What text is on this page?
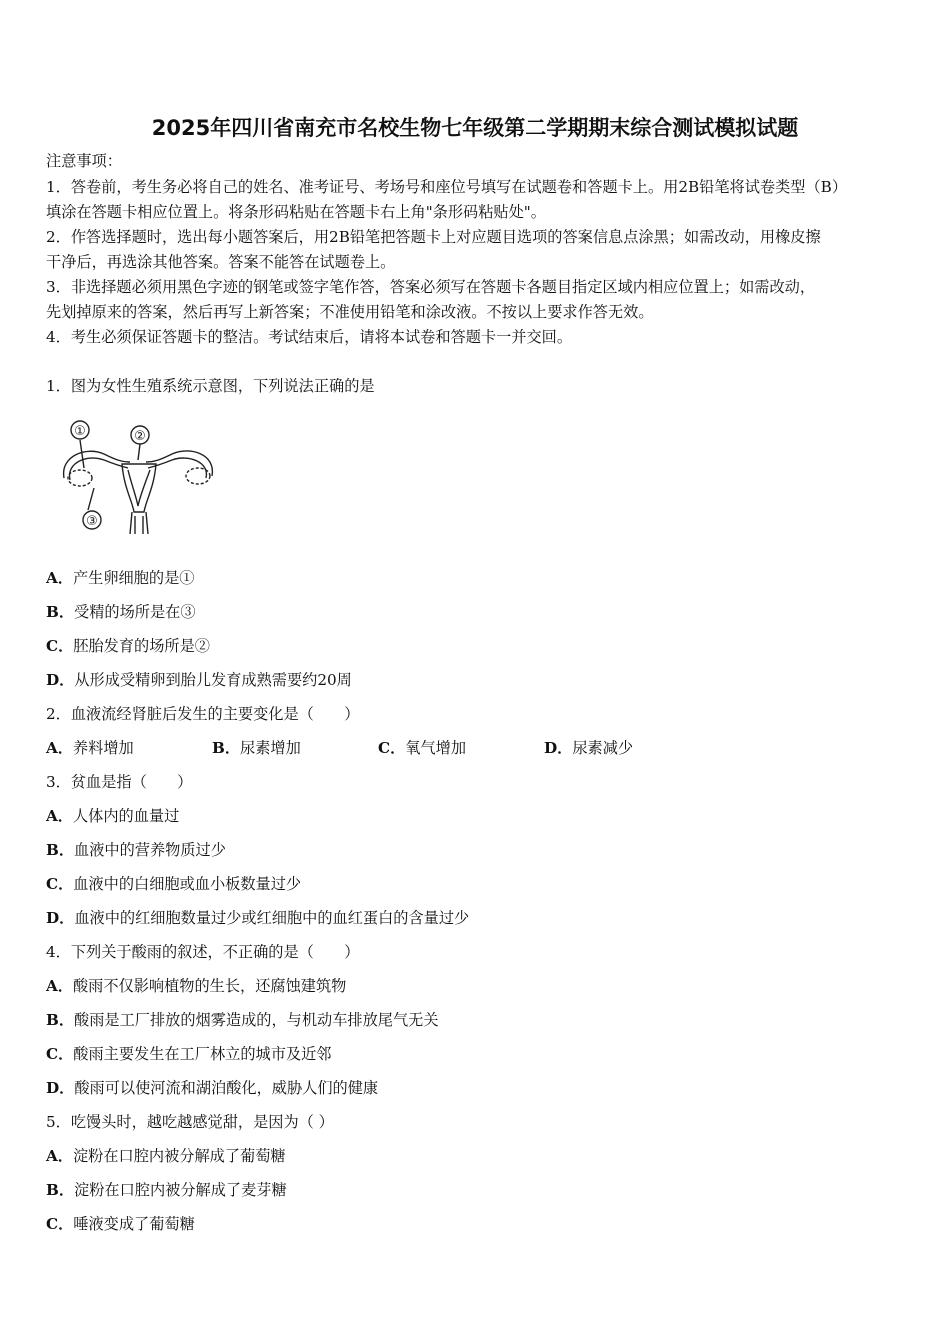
2025年四川省南充市名校生物七年级第二学期期末综合测试模拟试题
注意事项：
1．答卷前，考生务必将自己的姓名、准考证号、考场号和座位号填写在试题卷和答题卡上。用2B铅笔将试卷类型（B）
填涂在答题卡相应位置上。将条形码粘贴在答题卡右上角"条形码粘贴处"。
2．作答选择题时，选出每小题答案后，用2B铅笔把答题卡上对应题目选项的答案信息点涂黑；如需改动，用橡皮擦
干净后，再选涂其他答案。答案不能答在试题卷上。
3．非选择题必须用黑色字迹的钢笔或签字笔作答，答案必须写在答题卡各题目指定区域内相应位置上；如需改动，
先划掉原来的答案，然后再写上新答案；不准使用铅笔和涂改液。不按以上要求作答无效。
4．考生必须保证答题卡的整洁。考试结束后，请将本试卷和答题卡一并交回。
1．图为女性生殖系统示意图，下列说法正确的是
①	②
③
A．产生卵细胞的是①
B．受精的场所是在③
C．胚胎发育的场所是②
D．从形成受精卵到胎儿发育成熟需要约20周
2．血液流经肾脏后发生的主要变化是（　　）
A．养料增加	B．尿素增加	C．氧气增加	D．尿素减少
3．贫血是指（　　）
A．人体内的血量过
B．血液中的营养物质过少
C．血液中的白细胞或血小板数量过少
D．血液中的红细胞数量过少或红细胞中的血红蛋白的含量过少
4．下列关于酸雨的叙述，不正确的是（　　）
A．酸雨不仅影响植物的生长，还腐蚀建筑物
B．酸雨是工厂排放的烟雾造成的，与机动车排放尾气无关
C．酸雨主要发生在工厂林立的城市及近邻
D．酸雨可以使河流和湖泊酸化，威胁人们的健康
5．吃馒头时，越吃越感觉甜，是因为（ ）
A．淀粉在口腔内被分解成了葡萄糖
B．淀粉在口腔内被分解成了麦芽糖
C．唾液变成了葡萄糖
